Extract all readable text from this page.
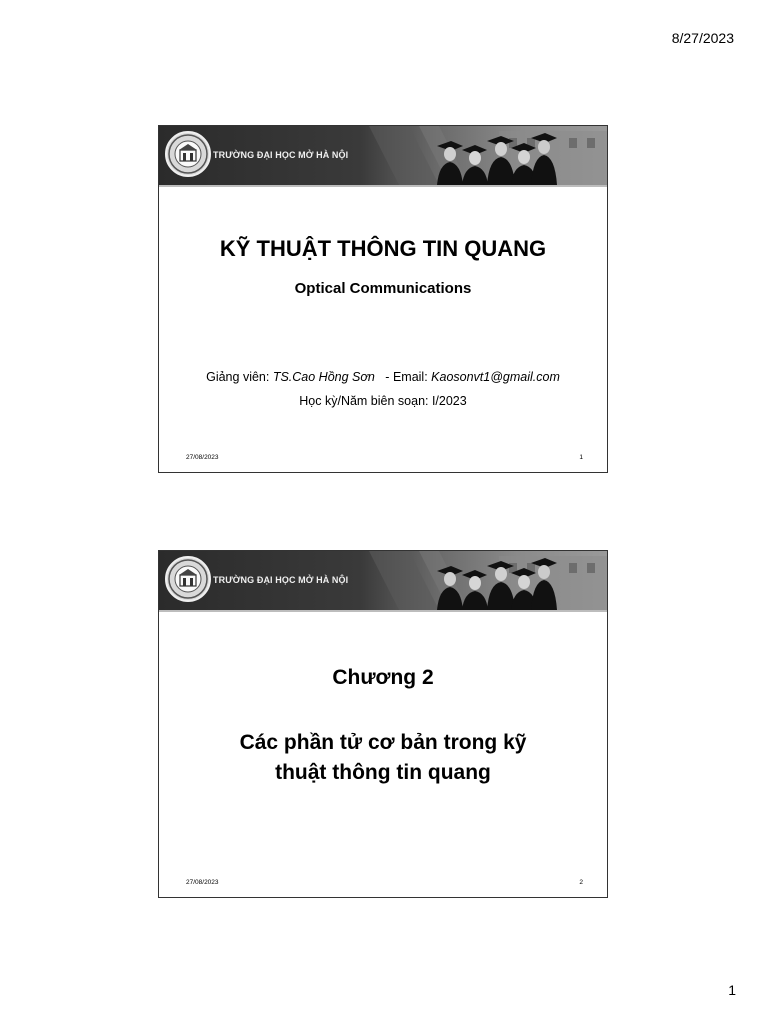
8/27/2023
TRƯỜNG ĐẠI HỌC MỞ HÀ NỘI
KỸ THUẬT THÔNG TIN QUANG
Optical Communications
Giảng viên: TS.Cao Hồng Sơn   - Email: Kaosonvt1@gmail.com
Học kỳ/Năm biên soạn: I/2023
27/08/2023	1
TRƯỜNG ĐẠI HỌC MỞ HÀ NỘI
Chương 2
Các phần tử cơ bản trong kỹ
thuật thông tin quang
27/08/2023	2
1
